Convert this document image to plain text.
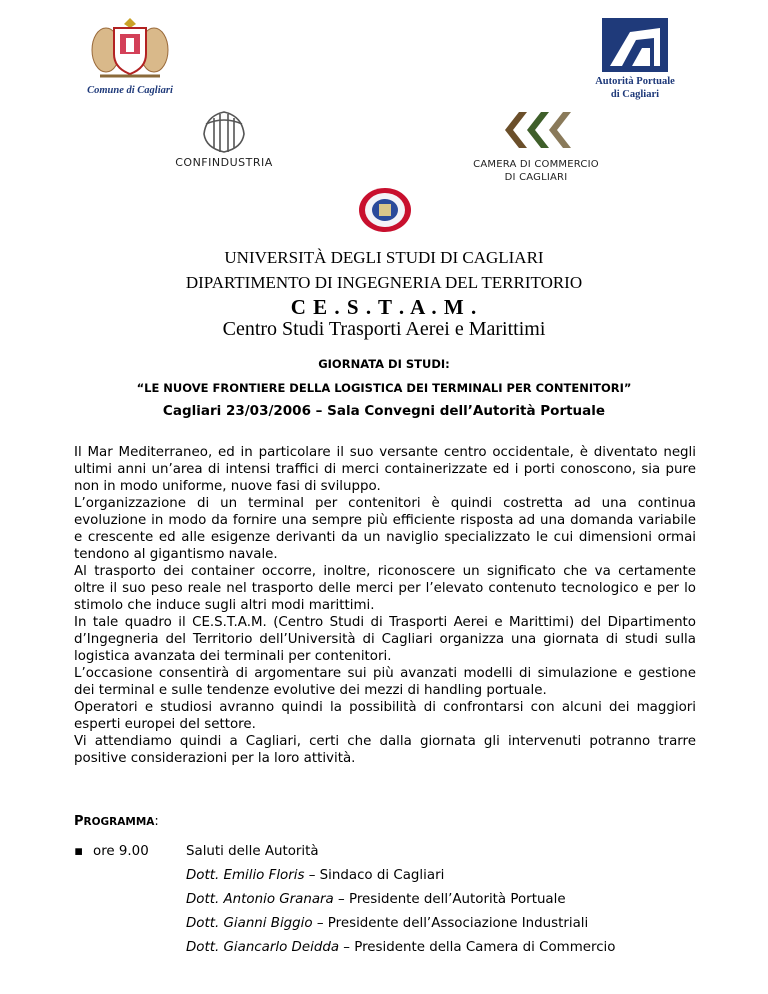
Comune di Cagliari
Autorità Portuale
di Cagliari
CONFINDUSTRIA	CAMERA DI COMMERCIO
DI CAGLIARI
UNIVERSITÀ DEGLI STUDI DI CAGLIARI
DIPARTIMENTO DI INGEGNERIA DEL TERRITORIO
C E . S . T . A . M .
Centro Studi Trasporti Aerei e Marittimi
GIORNATA DI STUDI:
“LE NUOVE FRONTIERE DELLA LOGISTICA DEI TERMINALI PER CONTENITORI”
Cagliari 23/03/2006 – Sala Convegni dell’Autorità Portuale

Il Mar Mediterraneo, ed in particolare il suo versante centro occidentale, è diventato negli ultimi anni un’area di intensi traffici di merci containerizzate ed i porti conoscono, sia pure non in modo uniforme, nuove fasi di sviluppo.

L’organizzazione di un terminal per contenitori è quindi costretta ad una continua evoluzione in modo da fornire una sempre più efficiente risposta ad una domanda variabile e crescente ed alle esigenze derivanti da un naviglio specializzato le cui dimensioni ormai tendono al gigantismo navale.

Al trasporto dei container occorre, inoltre, riconoscere un significato che va certamente oltre il suo peso reale nel trasporto delle merci per l’elevato contenuto tecnologico e per lo stimolo che induce sugli altri modi marittimi.

In tale quadro il CE.S.T.A.M. (Centro Studi di Trasporti Aerei e Marittimi) del Dipartimento d’Ingegneria del Territorio dell’Università di Cagliari organizza una giornata di studi sulla logistica avanzata dei terminali per contenitori.

L’occasione consentirà di argomentare sui più avanzati modelli di simulazione e gestione dei terminal e sulle tendenze evolutive dei mezzi di handling portuale.

Operatori e studiosi avranno quindi la possibilità di confrontarsi con alcuni dei maggiori esperti europei del settore.

Vi attendiamo quindi a Cagliari, certi che dalla giornata gli intervenuti potranno trarre positive considerazioni per la loro attività.

PROGRAMMA:
▪ ore 9.00	Saluti delle Autorità
Dott. Emilio Floris – Sindaco di Cagliari
Dott. Antonio Granara – Presidente dell’Autorità Portuale
Dott. Gianni Biggio – Presidente dell’Associazione Industriali
Dott. Giancarlo Deidda – Presidente della Camera di Commercio
